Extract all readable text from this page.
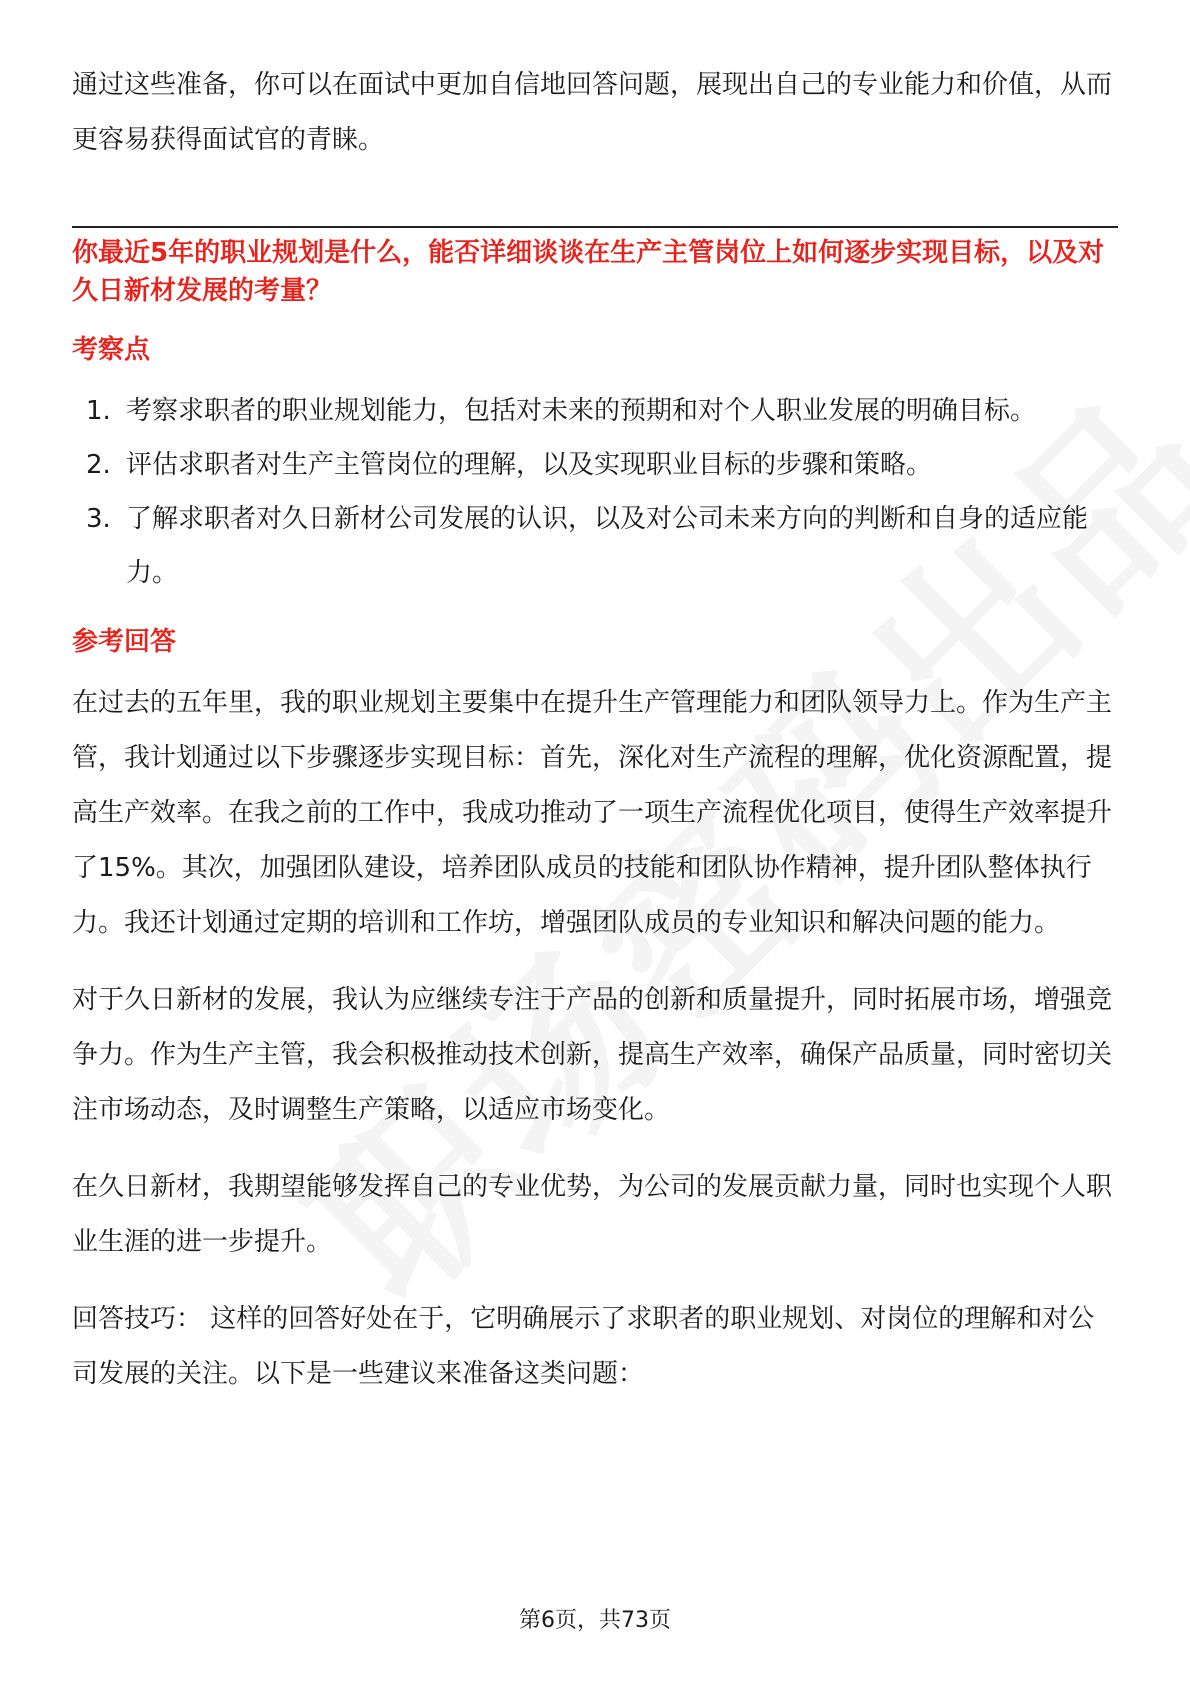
通过这些准备，你可以在面试中更加自信地回答问题，展现出自己的专业能力和价值，从而更容易获得面试官的青睐。

你最近5年的职业规划是什么，能否详细谈谈在生产主管岗位上如何逐步实现目标，以及对久日新材发展的考量？

考察点
1. 考察求职者的职业规划能力，包括对未来的预期和对个人职业发展的明确目标。
2. 评估求职者对生产主管岗位的理解，以及实现职业目标的步骤和策略。
3. 了解求职者对久日新材公司发展的认识，以及对公司未来方向的判断和自身的适应能力。
参考回答

在过去的五年里，我的职业规划主要集中在提升生产管理能力和团队领导力上。作为生产主管，我计划通过以下步骤逐步实现目标：首先，深化对生产流程的理解，优化资源配置，提高生产效率。在我之前的工作中，我成功推动了一项生产流程优化项目，使得生产效率提升了15%。其次，加强团队建设，培养团队成员的技能和团队协作精神，提升团队整体执行力。我还计划通过定期的培训和工作坊，增强团队成员的专业知识和解决问题的能力。

对于久日新材的发展，我认为应继续专注于产品的创新和质量提升，同时拓展市场，增强竞争力。作为生产主管，我会积极推动技术创新，提高生产效率，确保产品质量，同时密切关注市场动态，及时调整生产策略，以适应市场变化。

在久日新材，我期望能够发挥自己的专业优势，为公司的发展贡献力量，同时也实现个人职业生涯的进一步提升。

回答技巧： 这样的回答好处在于，它明确展示了求职者的职业规划、对岗位的理解和对公司发展的关注。以下是一些建议来准备这类问题：

第6页，共73页
